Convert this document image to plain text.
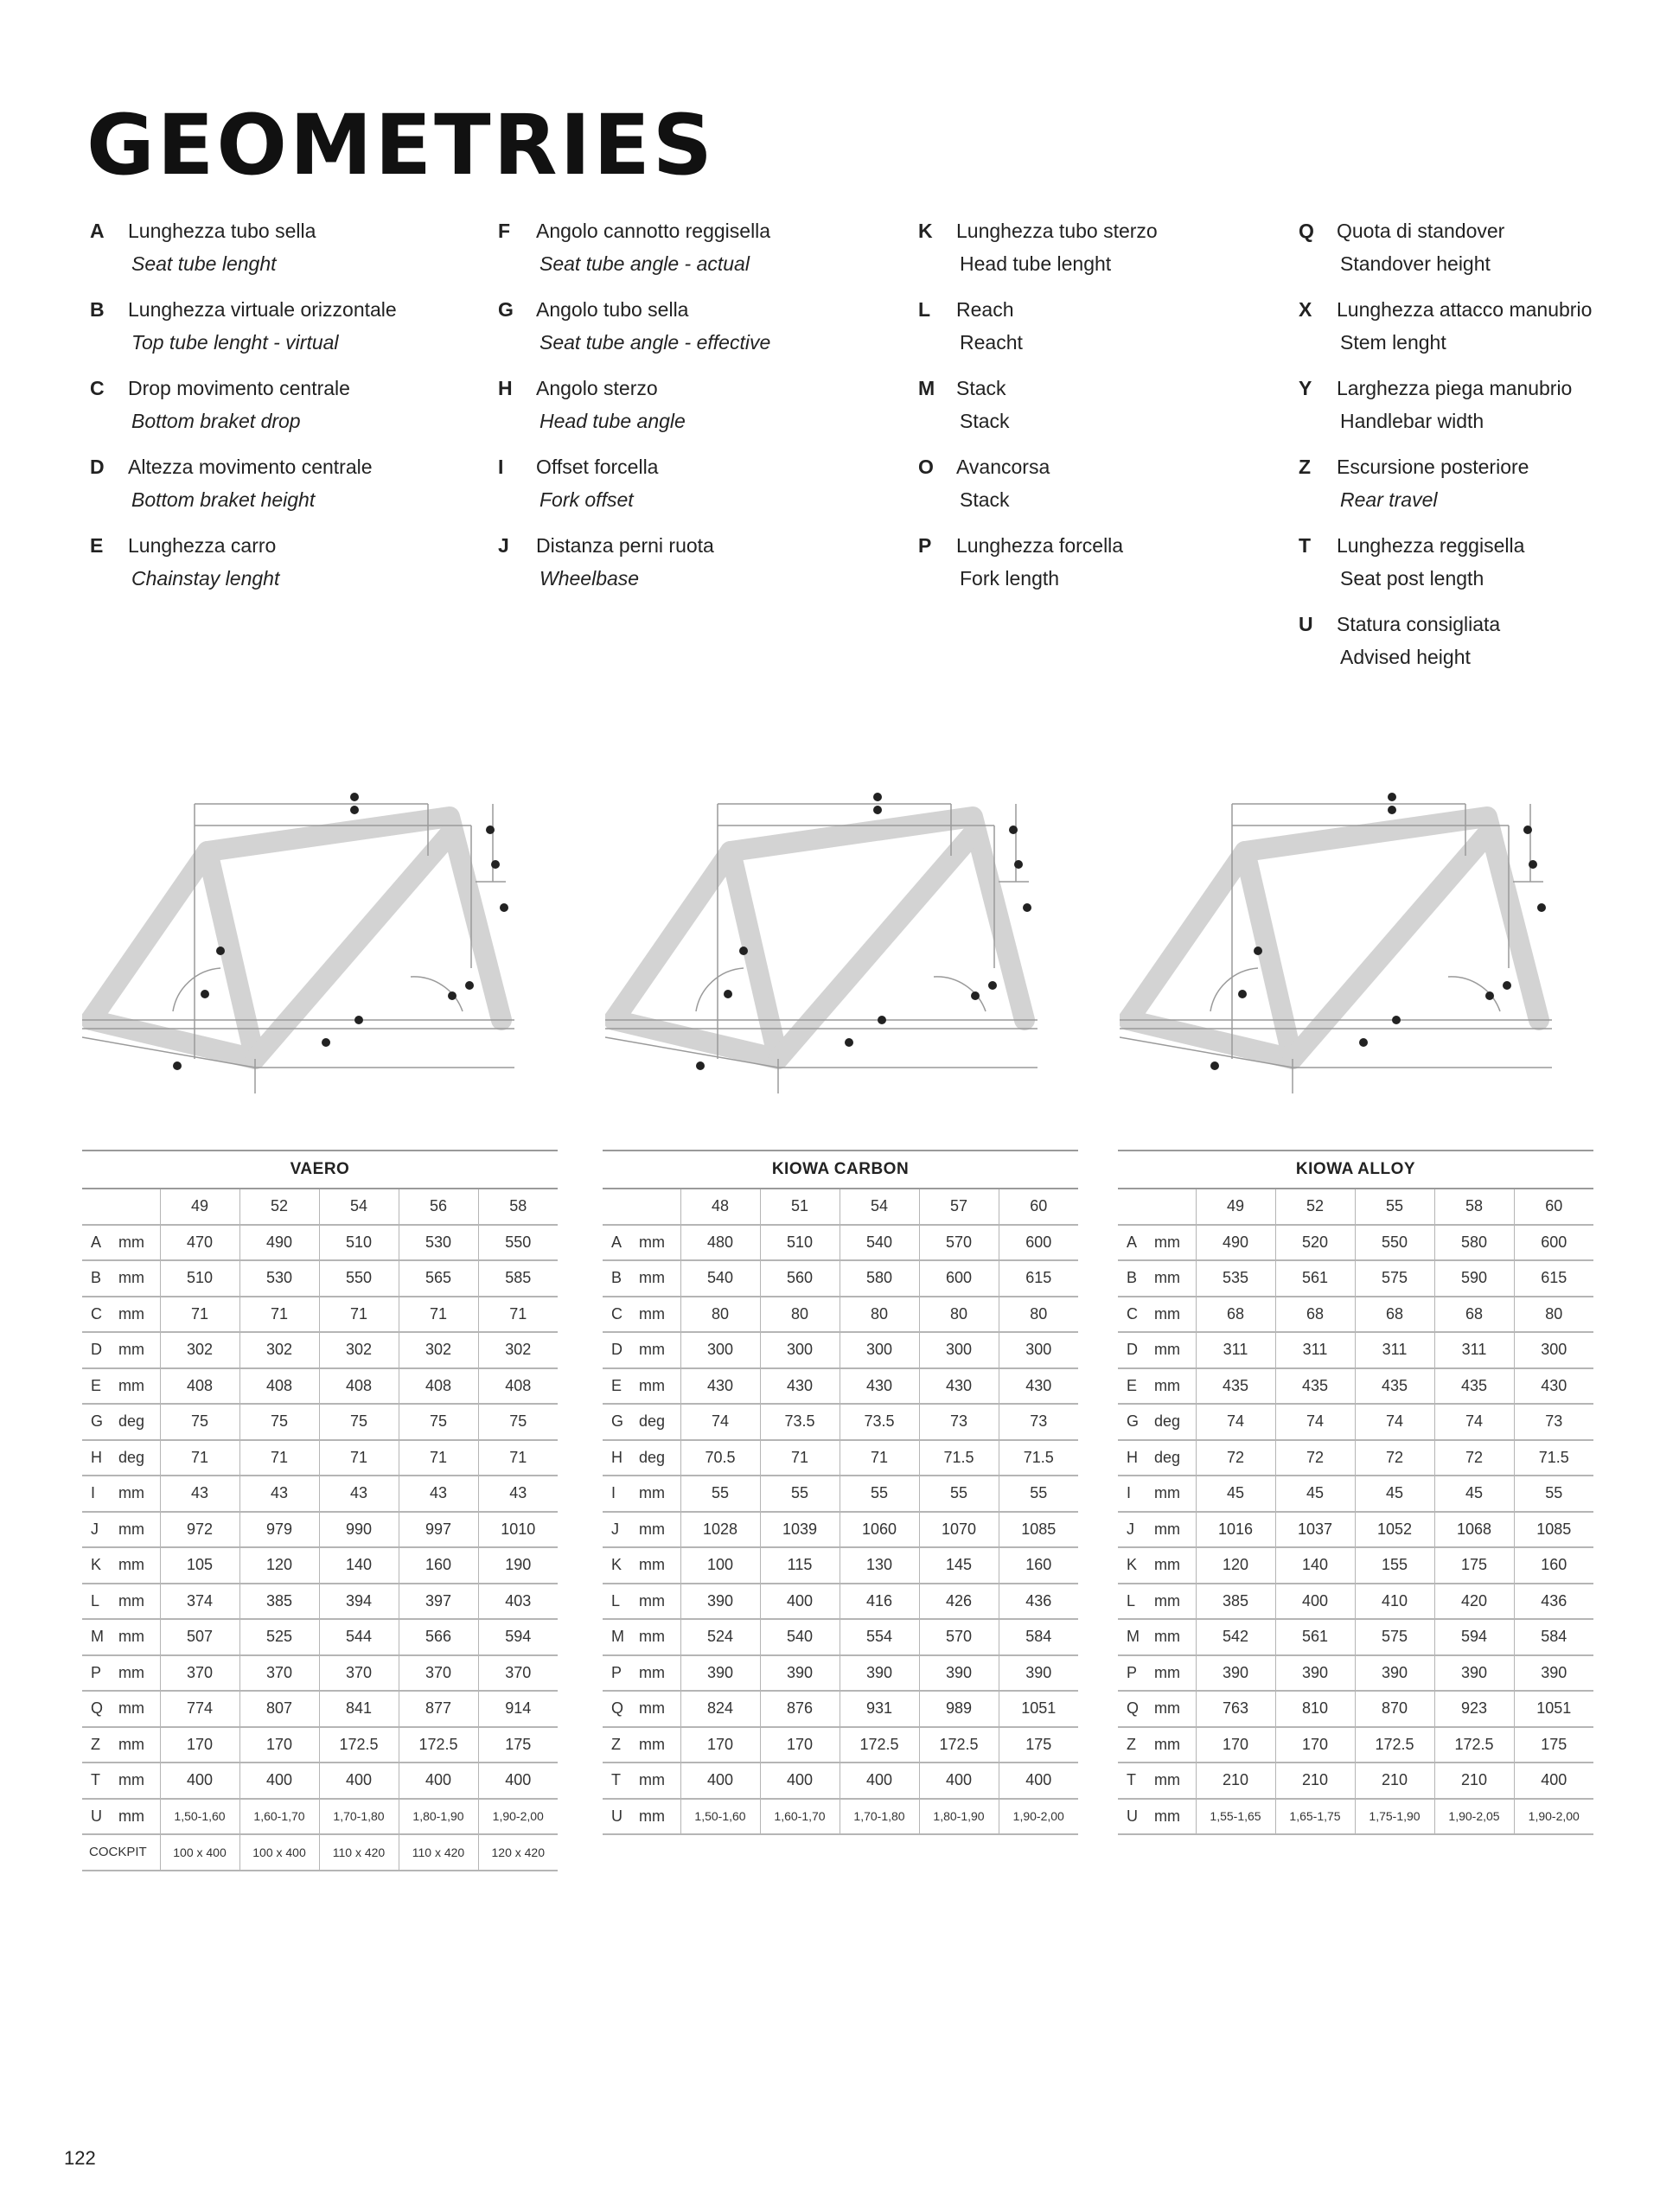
GEOMETRIES
A Lunghezza tubo sella
Seat tube lenght
B Lunghezza virtuale orizzontale
Top tube lenght - virtual
C Drop movimento centrale
Bottom braket drop
D Altezza movimento centrale
Bottom braket height
E Lunghezza carro
Chainstay lenght
F Angolo cannotto reggisella
Seat tube angle - actual
G Angolo tubo sella
Seat tube angle - effective
H Angolo sterzo
Head tube angle
I Offset forcella
Fork offset
J Distanza perni ruota
Wheelbase
K Lunghezza tubo sterzo
Head tube lenght
L Reach
Reacht
M Stack
Stack
O Avancorsa
Stack
P Lunghezza forcella
Fork length
Q Quota di standover
Standover height
X Lunghezza attacco manubrio
Stem lenght
Y Larghezza piega manubrio
Handlebar width
Z Escursione posteriore
Rear travel
T Lunghezza reggisella
Seat post length
U Statura consigliata
Advised height
VAERO
		49	52	54	56	58
A	mm	470	490	510	530	550
B	mm	510	530	550	565	585
C	mm	71	71	71	71	71
D	mm	302	302	302	302	302
E	mm	408	408	408	408	408
G	deg	75	75	75	75	75
H	deg	71	71	71	71	71
I	mm	43	43	43	43	43
J	mm	972	979	990	997	1010
K	mm	105	120	140	160	190
L	mm	374	385	394	397	403
M	mm	507	525	544	566	594
P	mm	370	370	370	370	370
Q	mm	774	807	841	877	914
Z	mm	170	170	172.5	172.5	175
T	mm	400	400	400	400	400
U	mm	1,50-1,60	1,60-1,70	1,70-1,80	1,80-1,90	1,90-2,00
COCKPIT		100 x 400	100 x 400	110 x 420	110 x 420	120 x 420
KIOWA CARBON
		48	51	54	57	60
A	mm	480	510	540	570	600
B	mm	540	560	580	600	615
C	mm	80	80	80	80	80
D	mm	300	300	300	300	300
E	mm	430	430	430	430	430
G	deg	74	73.5	73.5	73	73
H	deg	70.5	71	71	71.5	71.5
I	mm	55	55	55	55	55
J	mm	1028	1039	1060	1070	1085
K	mm	100	115	130	145	160
L	mm	390	400	416	426	436
M	mm	524	540	554	570	584
P	mm	390	390	390	390	390
Q	mm	824	876	931	989	1051
Z	mm	170	170	172.5	172.5	175
T	mm	400	400	400	400	400
U	mm	1,50-1,60	1,60-1,70	1,70-1,80	1,80-1,90	1,90-2,00
KIOWA ALLOY
		49	52	55	58	60
A	mm	490	520	550	580	600
B	mm	535	561	575	590	615
C	mm	68	68	68	68	80
D	mm	311	311	311	311	300
E	mm	435	435	435	435	430
G	deg	74	74	74	74	73
H	deg	72	72	72	72	71.5
I	mm	45	45	45	45	55
J	mm	1016	1037	1052	1068	1085
K	mm	120	140	155	175	160
L	mm	385	400	410	420	436
M	mm	542	561	575	594	584
P	mm	390	390	390	390	390
Q	mm	763	810	870	923	1051
Z	mm	170	170	172.5	172.5	175
T	mm	210	210	210	210	400
U	mm	1,55-1,65	1,65-1,75	1,75-1,90	1,90-2,05	1,90-2,00
122
